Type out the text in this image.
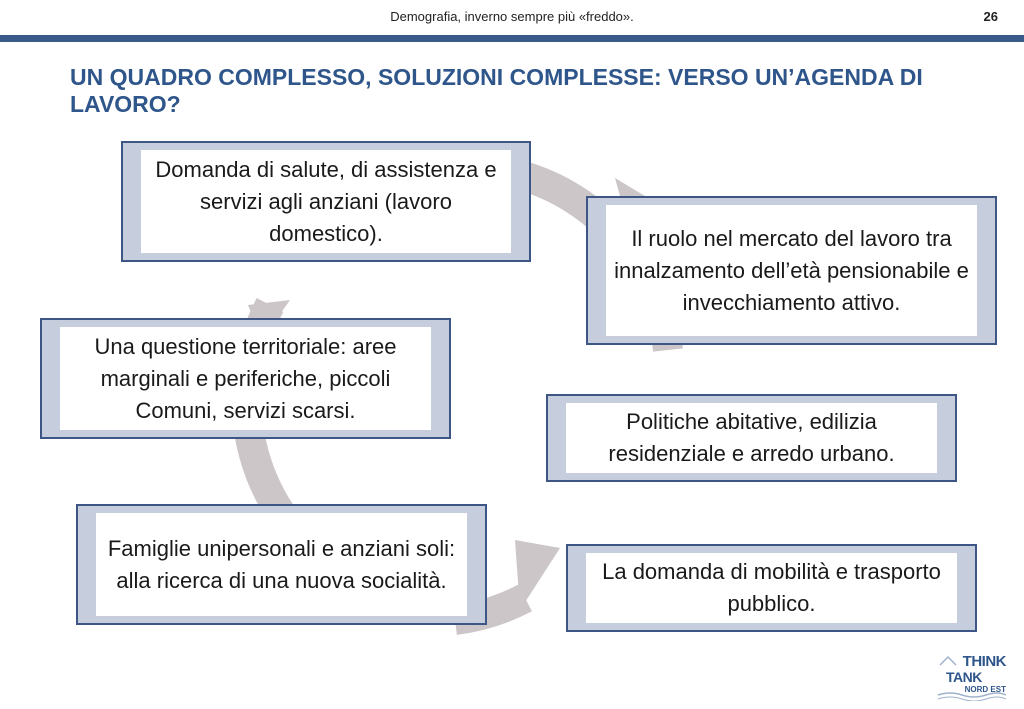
Demografia, inverno sempre più «freddo».	26
UN QUADRO COMPLESSO, SOLUZIONI COMPLESSE: VERSO UN’AGENDA DI LAVORO?
Domanda di salute, di assistenza e servizi agli anziani (lavoro domestico).	Il ruolo nel mercato del lavoro tra innalzamento dell’età pensionabile e invecchiamento attivo.
Una questione territoriale: aree marginali e periferiche, piccoli Comuni, servizi scarsi.	Politiche abitative, edilizia residenziale e arredo urbano.
Famiglie unipersonali e anziani soli: alla ricerca di una nuova socialità.	La domanda di mobilità e trasporto pubblico.
THINK
TANK
NORD EST
